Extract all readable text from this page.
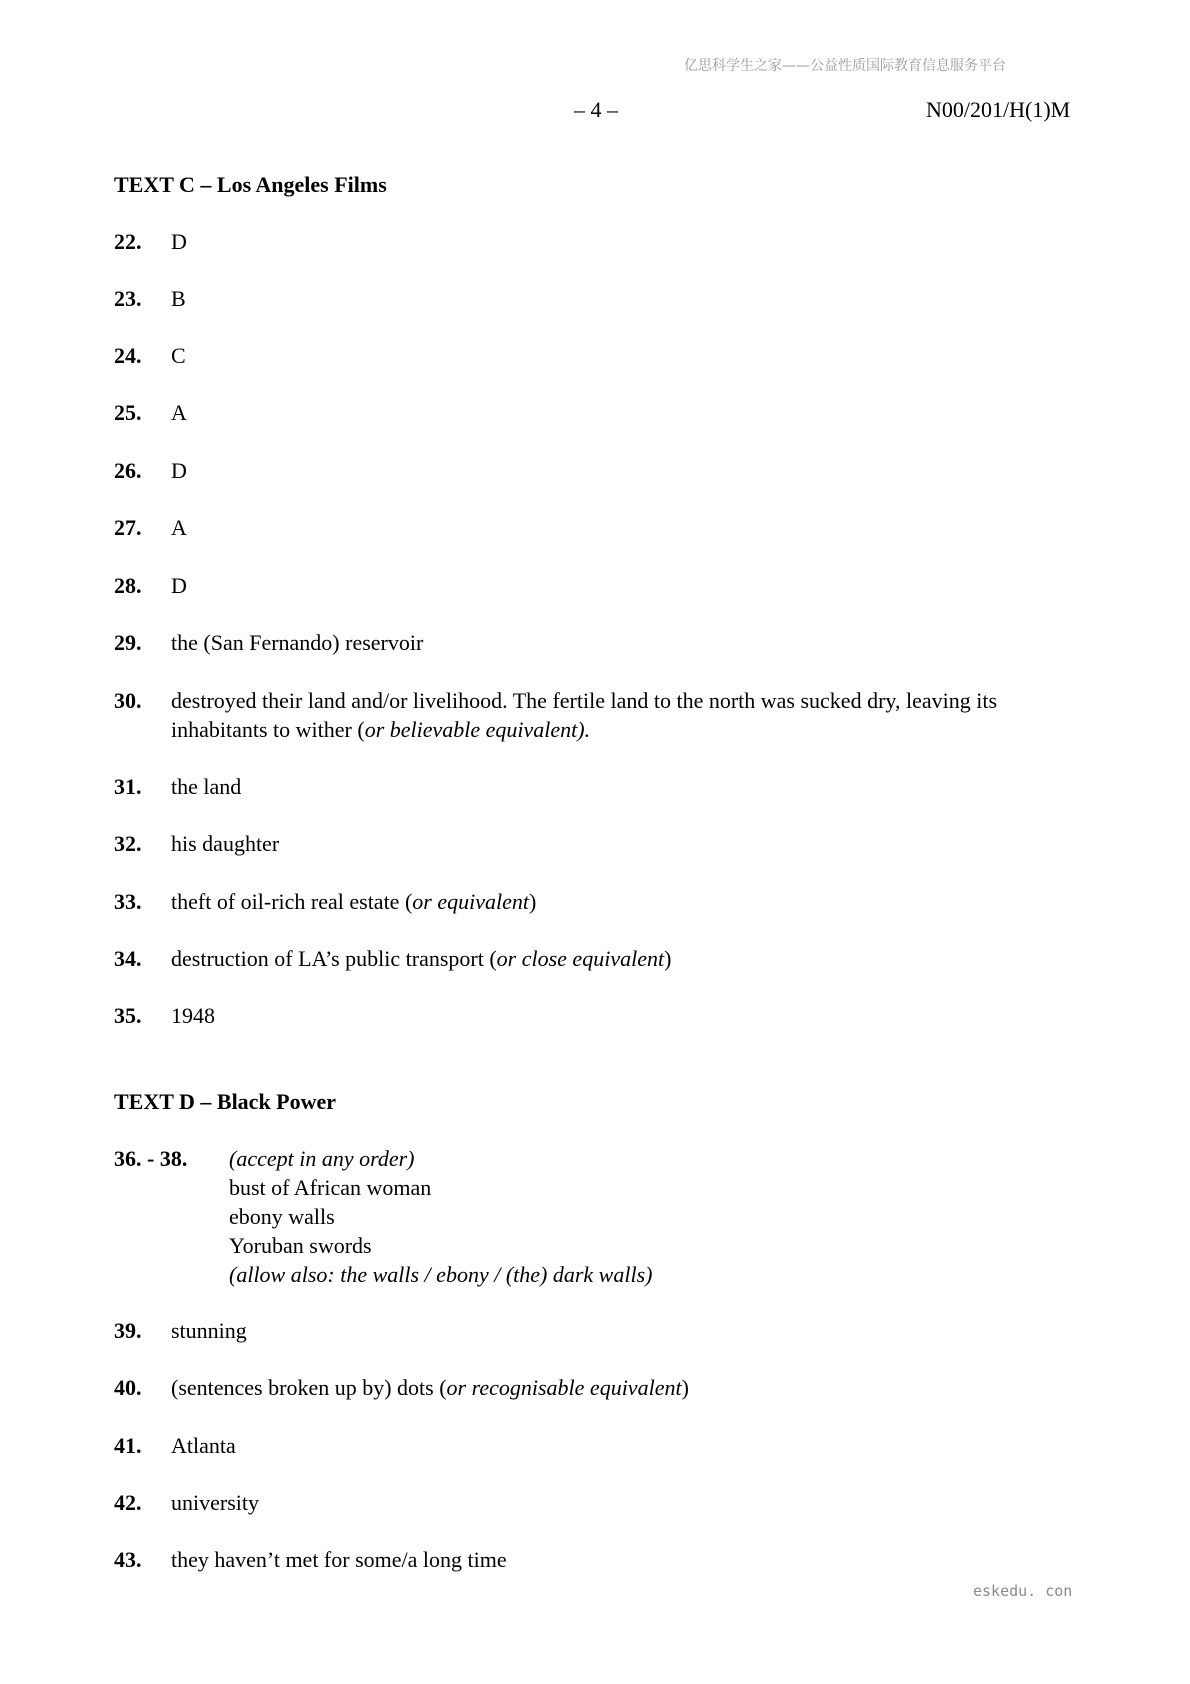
亿思科学生之家——公益性质国际教育信息服务平台
– 4 –	N00/201/H(1)M
TEXT C – Los Angeles Films
22. D
23. B
24. C
25. A
26. D
27. A
28. D
29. the (San Fernando) reservoir
30. destroyed their land and/or livelihood. The fertile land to the north was sucked dry, leaving its
inhabitants to wither (or believable equivalent).
31. the land
32. his daughter
33. theft of oil-rich real estate (or equivalent)
34. destruction of LA’s public transport (or close equivalent)
35. 1948
TEXT D – Black Power
36. - 38. (accept in any order)
bust of African woman
ebony walls
Yoruban swords
(allow also: the walls / ebony / (the) dark walls)
39. stunning
40. (sentences broken up by) dots (or recognisable equivalent)
41. Atlanta
42. university
43. they haven’t met for some/a long time
eskedu. con
